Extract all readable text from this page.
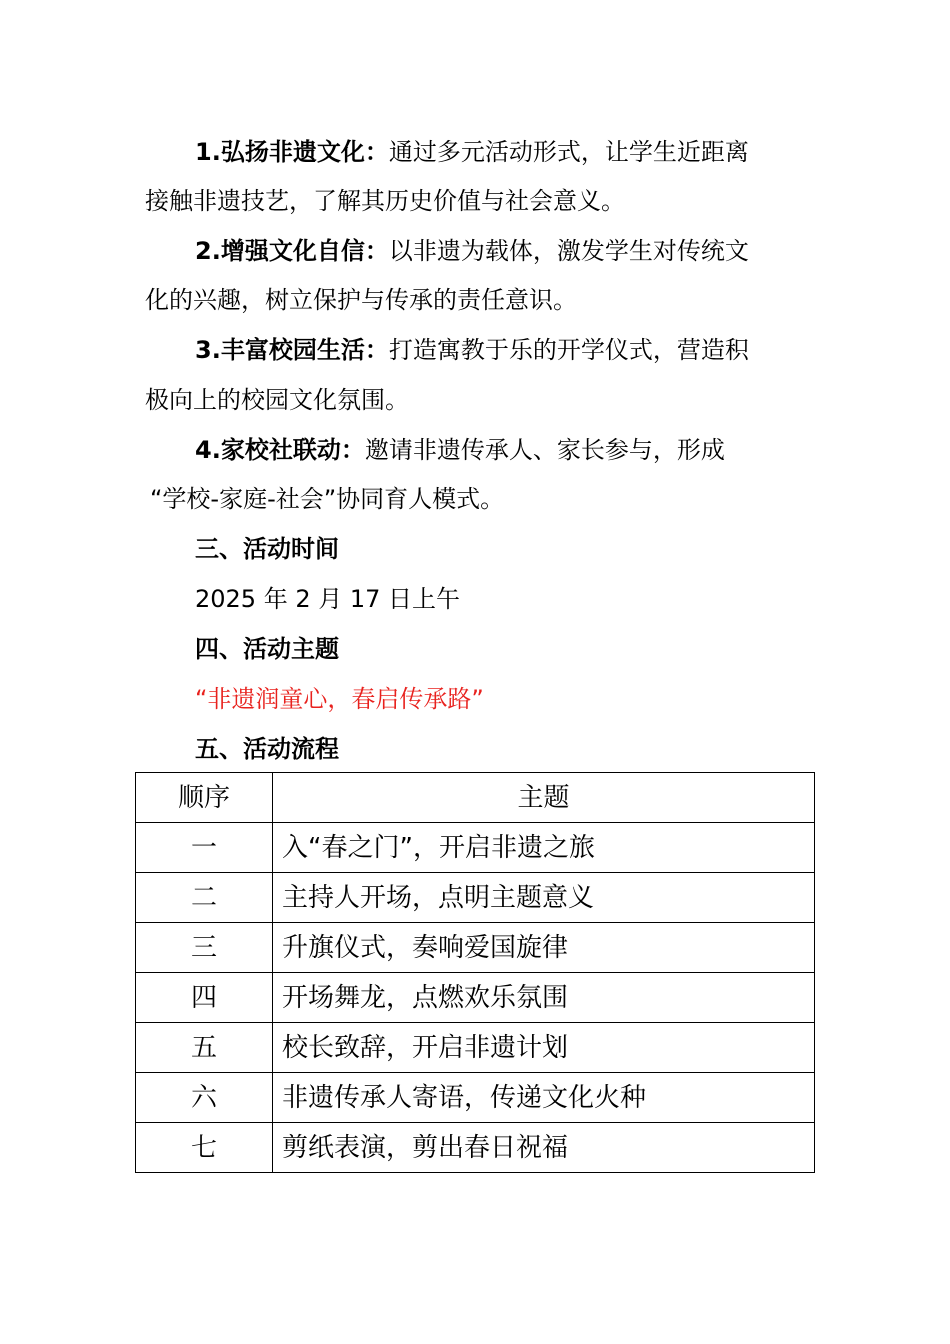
1.弘扬非遗文化：通过多元活动形式，让学生近距离
接触非遗技艺，了解其历史价值与社会意义。
2.增强文化自信：以非遗为载体，激发学生对传统文
化的兴趣，树立保护与传承的责任意识。
3.丰富校园生活：打造寓教于乐的开学仪式，营造积
极向上的校园文化氛围。
4.家校社联动：邀请非遗传承人、家长参与，形成
“学校-家庭-社会”协同育人模式。
三、活动时间
2025 年 2 月 17 日上午
四、活动主题
“非遗润童心，春启传承路”
五、活动流程
顺序	主题
一	入“春之门”，开启非遗之旅
二	主持人开场，点明主题意义
三	升旗仪式，奏响爱国旋律
四	开场舞龙，点燃欢乐氛围
五	校长致辞，开启非遗计划
六	非遗传承人寄语，传递文化火种
七	剪纸表演，剪出春日祝福
